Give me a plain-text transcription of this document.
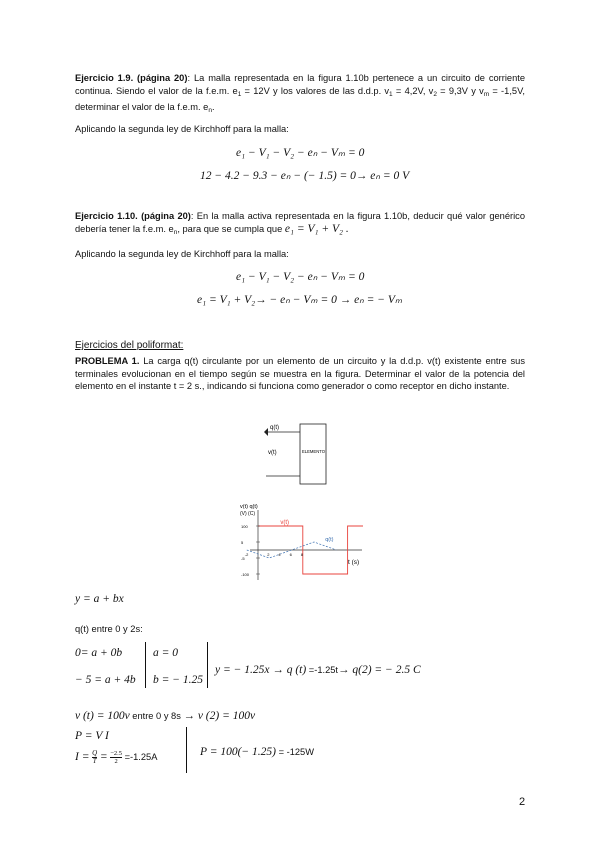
Ejercicio 1.9. (página 20): La malla representada en la figura 1.10b pertenece a un circuito de corriente continua. Siendo el valor de la f.e.m. $e_1 = 12V$ y los valores de las d.d.p. $v_1 = 4,2V$, $v_2 = 9,3V$ y $v_m = -1,5V$, determinar el valor de la f.e.m. $e_n$.
Aplicando la segunda ley de Kirchhoff para la malla:
e₁ − V₁ − V₂ − eₙ − Vₘ = 0
12 − 4.2 − 9.3 − eₙ − (− 1.5) = 0→ eₙ = 0 V
Ejercicio 1.10. (página 20): En la malla activa representada en la figura 1.10b, deducir qué valor genérico debería tener la f.e.m. $e_n$, para que se cumpla que e₁ = V₁ + V₂ .
Aplicando la segunda ley de Kirchhoff para la malla:
e₁ − V₁ − V₂ − eₙ − Vₘ = 0
e₁ = V₁ + V₂→ − eₙ − Vₘ = 0 → eₙ = − Vₘ
Ejercicios del poliformat:
PROBLEMA 1. La carga q(t) circulante por un elemento de un circuito y la d.d.p. v(t) existente entre sus terminales evolucionan en el tiempo según se muestra en la figura. Determinar el valor de la potencia del elemento en el instante t = 2 s., indicando si funciona como generador o como receptor en dicho instante.
q(t)
v(t)	ELEMENTO
v(t) q(t)
(V) (C)
t (s)
100
5
-5
-100
-2	2 4 6 8
v(t)
q(t)
y = a + bx
q(t) entre 0 y 2s:
0= a + 0b
− 5 = a + 4b
a = 0
b = − 1.25
y = − 1.25x → q (t) =-1.25t→ q(2) = − 2.5 C
v (t) = 100v entre 0 y 8s → v (2) = 100v
P = V I
$I = \frac{Q}{T} = \frac{-2.5}{2} =-1.25A$	P = 100(− 1.25) = -125W
2
